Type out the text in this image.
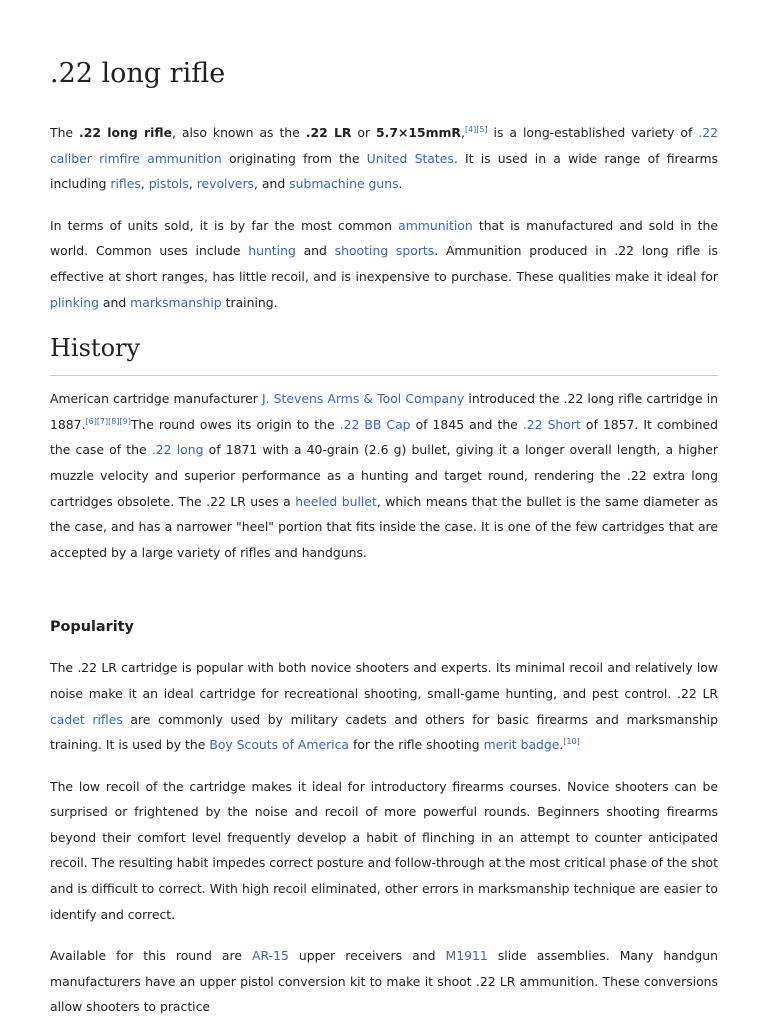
.22 long rifle

The .22 long rifle, also known as the .22 LR or 5.7×15mmR,[4][5] is a long-established variety of .22 caliber rimfire ammunition originating from the United States. It is used in a wide range of firearms including rifles, pistols, revolvers, and submachine guns.

In terms of units sold, it is by far the most common ammunition that is manufactured and sold in the world. Common uses include hunting and shooting sports. Ammunition produced in .22 long rifle is effective at short ranges, has little recoil, and is inexpensive to purchase. These qualities make it ideal for plinking and marksmanship training.

History

American cartridge manufacturer J. Stevens Arms & Tool Company introduced the .22 long rifle cartridge in 1887.[6][7][8][9]The round owes its origin to the .22 BB Cap of 1845 and the .22 Short of 1857. It combined the case of the .22 long of 1871 with a 40-grain (2.6 g) bullet, giving it a longer overall length, a higher muzzle velocity and superior performance as a hunting and target round, rendering the .22 extra long cartridges obsolete. The .22 LR uses a heeled bullet, which means that the bullet is the same diameter as the case, and has a narrower "heel" portion that fits inside the case. It is one of the few cartridges that are accepted by a large variety of rifles and handguns.

Popularity

The .22 LR cartridge is popular with both novice shooters and experts. Its minimal recoil and relatively low noise make it an ideal cartridge for recreational shooting, small-game hunting, and pest control. .22 LR cadet rifles are commonly used by military cadets and others for basic firearms and marksmanship training. It is used by the Boy Scouts of America for the rifle shooting merit badge.[10]

The low recoil of the cartridge makes it ideal for introductory firearms courses. Novice shooters can be surprised or frightened by the noise and recoil of more powerful rounds. Beginners shooting firearms beyond their comfort level frequently develop a habit of flinching in an attempt to counter anticipated recoil. The resulting habit impedes correct posture and follow-through at the most critical phase of the shot and is difficult to correct. With high recoil eliminated, other errors in marksmanship technique are easier to identify and correct.

Available for this round are AR-15 upper receivers and M1911 slide assemblies. Many handgun manufacturers have an upper pistol conversion kit to make it shoot .22 LR ammunition. These conversions allow shooters to practice
